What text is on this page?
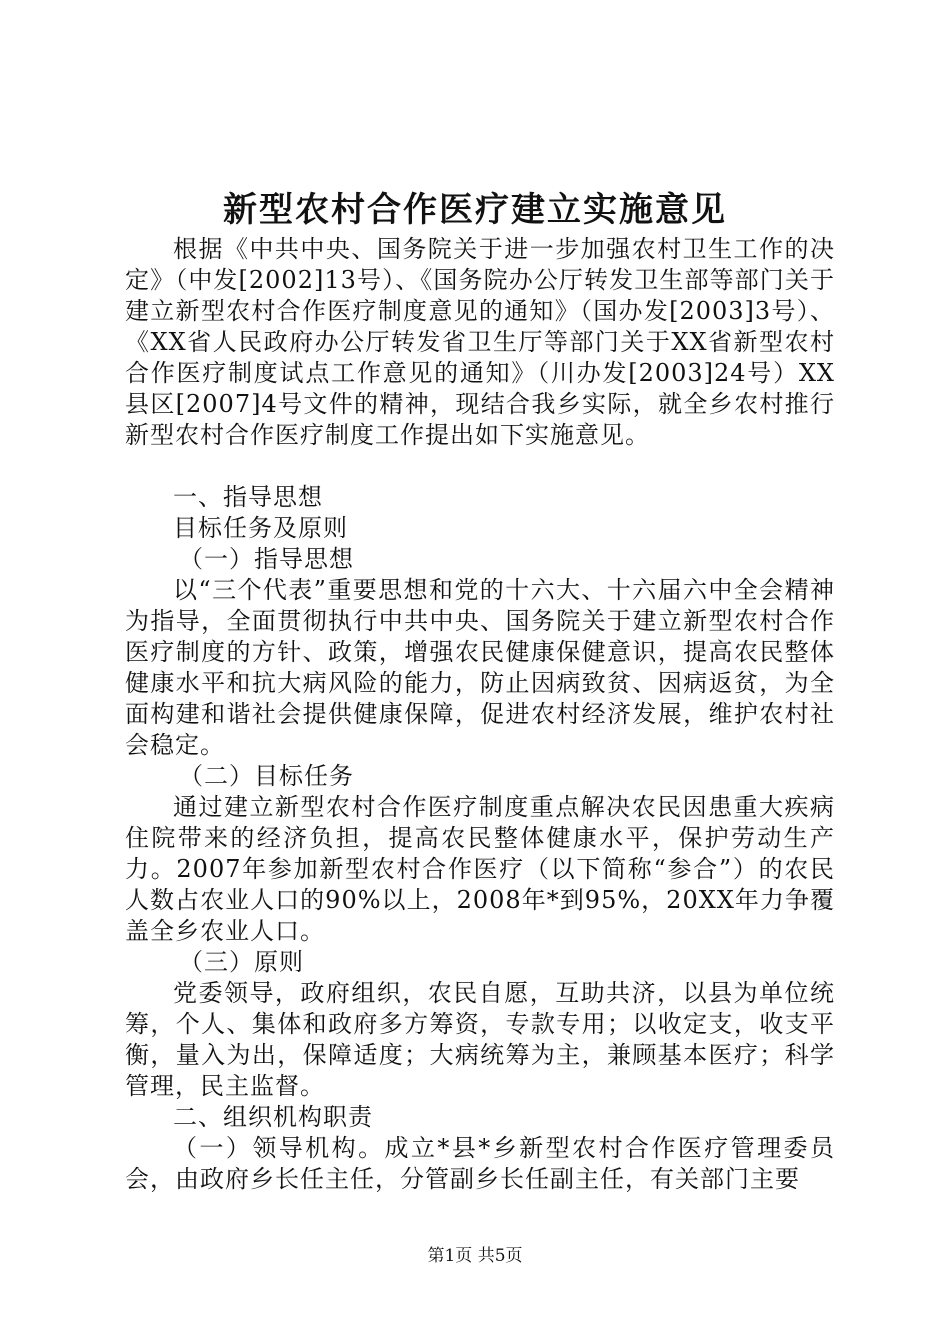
新型农村合作医疗建立实施意见

根据《中共中央、国务院关于进一步加强农村卫生工作的决定》（中发[2002]13号）、《国务院办公厅转发卫生部等部门关于建立新型农村合作医疗制度意见的通知》（国办发[2003]3号）、《XX省人民政府办公厅转发省卫生厅等部门关于XX省新型农村合作医疗制度试点工作意见的通知》（川办发[2003]24号）XX县区[2007]4号文件的精神，现结合我乡实际，就全乡农村推行新型农村合作医疗制度工作提出如下实施意见。

一、指导思想

目标任务及原则

（一）指导思想

以“三个代表”重要思想和党的十六大、十六届六中全会精神为指导，全面贯彻执行中共中央、国务院关于建立新型农村合作医疗制度的方针、政策，增强农民健康保健意识，提高农民整体健康水平和抗大病风险的能力，防止因病致贫、因病返贫，为全面构建和谐社会提供健康保障，促进农村经济发展，维护农村社会稳定。

（二）目标任务

通过建立新型农村合作医疗制度重点解决农民因患重大疾病住院带来的经济负担，提高农民整体健康水平，保护劳动生产力。2007年参加新型农村合作医疗（以下简称“参合”）的农民人数占农业人口的90%以上，2008年*到95%，20XX年力争覆盖全乡农业人口。

（三）原则

党委领导，政府组织，农民自愿，互助共济，以县为单位统筹，个人、集体和政府多方筹资，专款专用；以收定支，收支平衡，量入为出，保障适度；大病统筹为主，兼顾基本医疗；科学管理，民主监督。

二、组织机构职责

（一）领导机构。成立*县*乡新型农村合作医疗管理委员会，由政府乡长任主任，分管副乡长任副主任，有关部门主要

第1页 共5页
